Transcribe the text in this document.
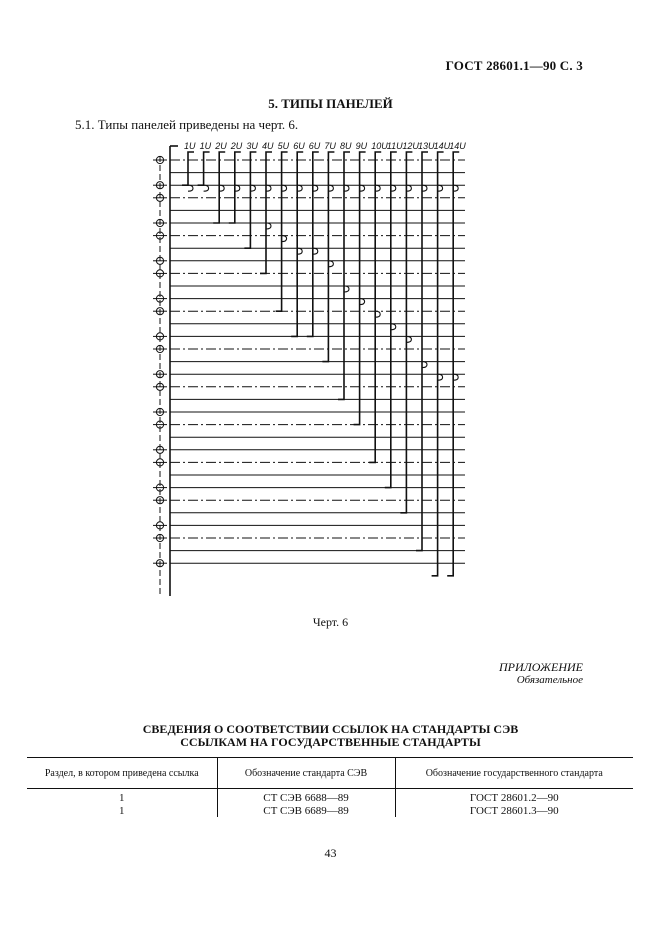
ГОСТ 28601.1—90 С. 3
5. ТИПЫ ПАНЕЛЕЙ
5.1. Типы панелей приведены на черт. 6.
1U 1U 2U 2U 3U 4U 5U 6U 6U 7U 8U 9U 10U 11U 12U 13U 14U 14U
Черт. 6
ПРИЛОЖЕНИЕ
Обязательное
СВЕДЕНИЯ О СООТВЕТСТВИИ ССЫЛОК НА СТАНДАРТЫ СЭВ
ССЫЛКАМ НА ГОСУДАРСТВЕННЫЕ СТАНДАРТЫ
Раздел, в котором приведена ссылка	Обозначение стандарта СЭВ	Обозначение государственного стандарта
1	СТ СЭВ 6688—89	ГОСТ 28601.2—90
1	СТ СЭВ 6689—89	ГОСТ 28601.3—90
43
